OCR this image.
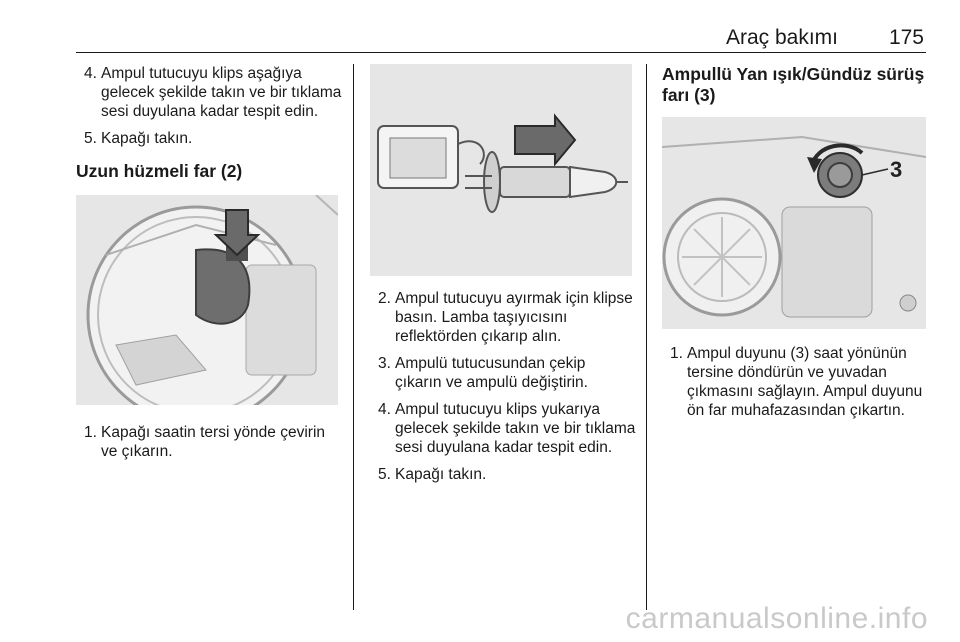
Araç bakımı 175
4. Ampul tutucuyu klips aşağıya gelecek şekilde takın ve bir tıklama sesi duyulana kadar tespit edin.
5. Kapağı takın.
Uzun hüzmeli far (2)
1. Kapağı saatin tersi yönde çevirin ve çıkarın.
2. Ampul tutucuyu ayırmak için klipse basın. Lamba taşıyıcısını reflektörden çıkarıp alın.
3. Ampulü tutucusundan çekip çıkarın ve ampulü değiştirin.
4. Ampul tutucuyu klips yukarıya gelecek şekilde takın ve bir tıklama sesi duyulana kadar tespit edin.
5. Kapağı takın.
Ampullü Yan ışık/Gündüz sürüş
farı (3)
3
1. Ampul duyunu (3) saat yönünün tersine döndürün ve yuvadan çıkmasını sağlayın. Ampul duyunu ön far muhafazasından çıkartın.
carmanualsonline.info
